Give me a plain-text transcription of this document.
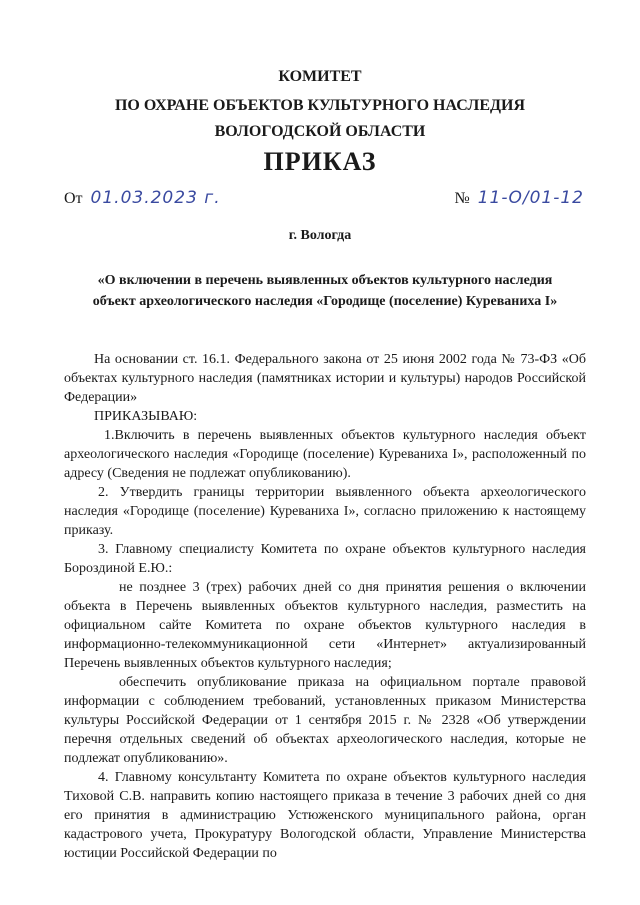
КОМИТЕТ
ПО ОХРАНЕ ОБЪЕКТОВ КУЛЬТУРНОГО НАСЛЕДИЯ
ВОЛОГОДСКОЙ ОБЛАСТИ
ПРИКАЗ
От 01.03.2023 г.	№ 11-О/01-12
г. Вологда
«О включении в перечень выявленных объектов культурного наследия объект археологического наследия «Городище (поселение) Куреваниха I»

На основании ст. 16.1. Федерального закона от 25 июня 2002 года № 73-ФЗ «Об объектах культурного наследия (памятниках истории и культуры) народов Российской Федерации»

ПРИКАЗЫВАЮ:

1.Включить в перечень выявленных объектов культурного наследия объект археологического наследия «Городище (поселение) Куреваниха I», расположенный по адресу (Сведения не подлежат опубликованию).

2. Утвердить границы территории выявленного объекта археологического наследия «Городище (поселение) Куреваниха I», согласно приложению к настоящему приказу.

3. Главному специалисту Комитета по охране объектов культурного наследия Бороздиной Е.Ю.:

не позднее 3 (трех) рабочих дней со дня принятия решения о включении объекта в Перечень выявленных объектов культурного наследия, разместить на официальном сайте Комитета по охране объектов культурного наследия в информационно-телекоммуникационной сети «Интернет» актуализированный Перечень выявленных объектов культурного наследия;

обеспечить опубликование приказа на официальном портале правовой информации с соблюдением требований, установленных приказом Министерства культуры Российской Федерации от 1 сентября 2015 г. № 2328 «Об утверждении перечня отдельных сведений об объектах археологического наследия, которые не подлежат опубликованию».

4. Главному консультанту Комитета по охране объектов культурного наследия Тиховой С.В. направить копию настоящего приказа в течение 3 рабочих дней со дня его принятия в администрацию Устюженского муниципального района, орган кадастрового учета, Прокуратуру Вологодской области, Управление Министерства юстиции Российской Федерации по
